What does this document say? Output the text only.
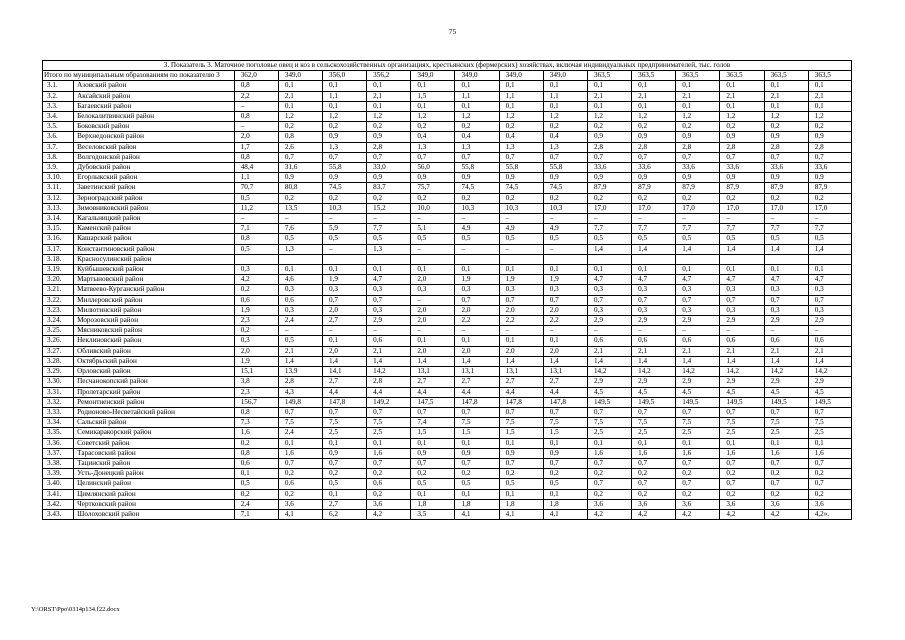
75
3. Показатель 3. Маточное поголовье овец и коз в сельскохозяйственных организациях, крестьянских (фермерских) хозяйствах, включая индивидуальных предпринимателей, тыс. голов															
Итого по муниципальным образованиям по показателю 3		362,0	349,0	356,0	356,2	349,0	349,0	349,0	349,0	363,5	363,5	363,5	363,5	363,5	363,5
3.1.	Азовский район	0,8	0,1	0,1	0,1	0,1	0,1	0,1	0,1	0,1	0,1	0,1	0,1	0,1	0,1
3.2.	Аксайский район	2,2	2,1	1,1	2,1	1,5	1,1	1,1	1,1	2,1	2,1	2,1	2,1	2,1	2,1
3.3.	Багаевский район	–	0,1	0,1	0,1	0,1	0,1	0,1	0,1	0,1	0,1	0,1	0,1	0,1	0,1
3.4.	Белокалитвинский район	0,8	1,2	1,2	1,2	1,2	1,2	1,2	1,2	1,2	1,2	1,2	1,2	1,2	1,2
3.5.	Боковский район	–	0,2	0,2	0,2	0,2	0,2	0,2	0,2	0,2	0,2	0,2	0,2	0,2	0,2
3.6.	Верхнедонской район	2,0	0,8	0,9	0,9	0,4	0,4	0,4	0,4	0,9	0,9	0,9	0,9	0,9	0,9
3.7.	Веселовский район	1,7	2,6	1,3	2,8	1,3	1,3	1,3	1,3	2,8	2,8	2,8	2,8	2,8	2,8
3.8.	Волгодонской район	0,8	0,7	0,7	0,7	0,7	0,7	0,7	0,7	0,7	0,7	0,7	0,7	0,7	0,7
3.9.	Дубовский район	48,4	31,6	55,8	33,0	56,0	55,8	55,8	55,8	33,6	33,6	33,6	33,6	33,6	33,6
3.10.	Егорлыкский район	1,1	0,9	0,9	0,9	0,9	0,9	0,9	0,9	0,9	0,9	0,9	0,9	0,9	0,9
3.11.	Заветинский район	70,7	80,8	74,5	83,7	75,7	74,5	74,5	74,5	87,9	87,9	87,9	87,9	87,9	87,9
3.12.	Зерноградский район	0,5	0,2	0,2	0,2	0,2	0,2	0,2	0,2	0,2	0,2	0,2	0,2	0,2	0,2
3.13.	Зимовниковский район	11,2	13,5	10,3	15,2	10,0	10,3	10,3	10,3	17,0	17,0	17,0	17,0	17,0	17,0
3.14.	Кагальницкий район	–	–	–	–	–	–	–	–	–	–	–	–	–	–
3.15.	Каменский район	7,1	7,6	5,9	7,7	5,1	4,9	4,9	4,9	7,7	7,7	7,7	7,7	7,7	7,7
3.16.	Кашарский район	0,8	0,5	0,5	0,5	0,5	0,5	0,5	0,5	0,5	0,5	0,5	0,5	0,5	0,5
3.17.	Константиновский район	0,5	1,3	–	1,3	–	–	–	–	1,4	1,4	1,4	1,4	1,4	1,4
3.18.	Красносулинский район														
3.19.	Куйбышевский район	0,3	0,1	0,1	0,1	0,1	0,1	0,1	0,1	0,1	0,1	0,1	0,1	0,1	0,1
3.20.	Мартыновский район	4,2	4,6	1,9	4,7	2,0	1,9	1,9	1,9	4,7	4,7	4,7	4,7	4,7	4,7
3.21.	Матвеево-Курганский район	0,2	0,3	0,3	0,3	0,3	0,3	0,3	0,3	0,3	0,3	0,3	0,3	0,3	0,3
3.22.	Миллеровский район	0,6	0,6	0,7	0,7	–	0,7	0,7	0,7	0,7	0,7	0,7	0,7	0,7	0,7
3.23.	Милютинский район	1,9	0,3	2,0	0,3	2,0	2,0	2,0	2,0	0,3	0,3	0,3	0,3	0,3	0,3
3.24.	Морозовский район	2,3	2,4	2,7	2,9	2,0	2,2	2,2	2,2	2,9	2,9	2,9	2,9	2,9	2,9
3.25.	Мясниковский район	0,2	–	–	–	–	–	–	–	–	–	–	–	–	–
3.26.	Неклиновский район	0,3	0,5	0,1	0,6	0,1	0,1	0,1	0,1	0,6	0,6	0,6	0,6	0,6	0,6
3.27.	Обливский район	2,0	2,1	2,0	2,1	2,0	2,0	2,0	2,0	2,1	2,1	2,1	2,1	2,1	2,1
3.28.	Октябрьский район	1,9	1,4	1,4	1,4	1,4	1,4	1,4	1,4	1,4	1,4	1,4	1,4	1,4	1,4
3.29.	Орловский район	15,1	13,9	14,1	14,2	13,1	13,1	13,1	13,1	14,2	14,2	14,2	14,2	14,2	14,2
3.30.	Песчанокопский район	3,8	2,8	2,7	2,8	2,7	2,7	2,7	2,7	2,9	2,9	2,9	2,9	2,9	2,9
3.31.	Пролетарский район	2,3	4,3	4,4	4,4	4,4	4,4	4,4	4,4	4,5	4,5	4,5	4,5	4,5	4,5
3.32.	Ремонтненский район	156,7	149,8	147,8	149,2	147,5	147,8	147,8	147,8	149,5	149,5	149,5	149,5	149,5	149,5
3.33.	Родионово-Несветайский район	0,8	0,7	0,7	0,7	0,7	0,7	0,7	0,7	0,7	0,7	0,7	0,7	0,7	0,7
3.34.	Сальский район	7,3	7,5	7,5	7,5	7,4	7,5	7,5	7,5	7,5	7,5	7,5	7,5	7,5	7,5
3.35.	Семикаракорский район	1,6	2,4	2,5	2,5	1,5	1,5	1,5	1,5	2,5	2,5	2,5	2,5	2,5	2,5
3.36.	Советский район	0,2	0,1	0,1	0,1	0,1	0,1	0,1	0,1	0,1	0,1	0,1	0,1	0,1	0,1
3.37.	Тарасовский район	0,8	1,6	0,9	1,6	0,9	0,9	0,9	0,9	1,6	1,6	1,6	1,6	1,6	1,6
3.38.	Тацинский район	0,6	0,7	0,7	0,7	0,7	0,7	0,7	0,7	0,7	0,7	0,7	0,7	0,7	0,7
3.39.	Усть-Донецкий район	0,1	0,2	0,2	0,2	0,2	0,2	0,2	0,2	0,2	0,2	0,2	0,2	0,2	0,2
3.40.	Целинский район	0,5	0,6	0,5	0,6	0,5	0,5	0,5	0,5	0,7	0,7	0,7	0,7	0,7	0,7
3.41.	Цимлянский район	0,2	0,2	0,1	0,2	0,1	0,1	0,1	0,1	0,2	0,2	0,2	0,2	0,2	0,2
3.42.	Чертковский район	2,4	3,6	2,7	3,6	1,8	1,8	1,8	1,8	3,6	3,6	3,6	3,6	3,6	3,6
3.43.	Шолоховский район	7,1	4,1	6,2	4,2	3,5	4,1	4,1	4,1	4,2	4,2	4,2	4,2	4,2	4,2».
Y:\ORST\Ppo\0314p134.f22.docx
